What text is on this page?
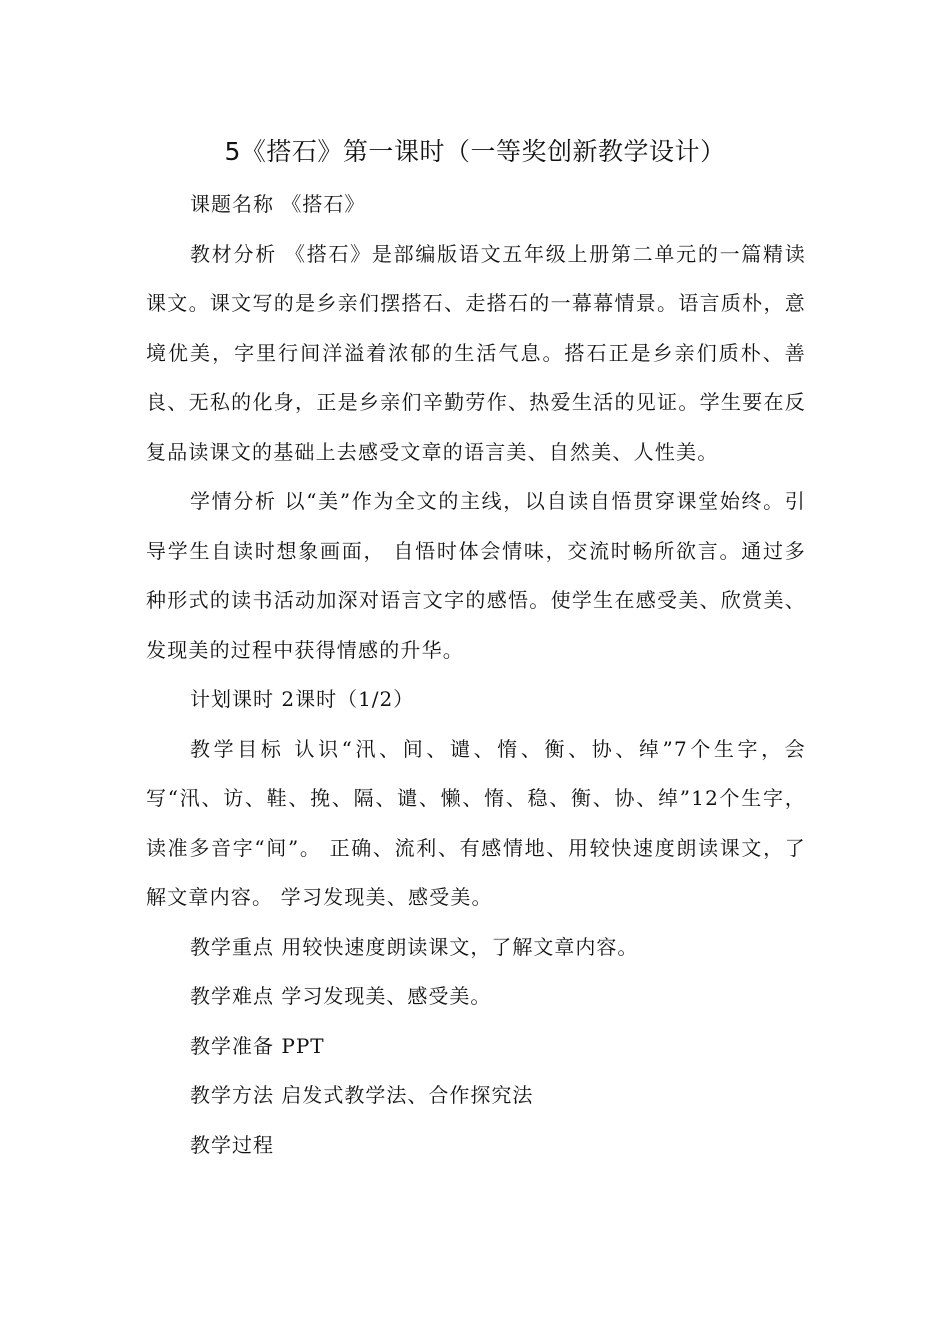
5《搭石》第一课时（一等奖创新教学设计）

课题名称 《搭石》

教材分析 《搭石》是部编版语文五年级上册第二单元的一篇精读课文。课文写的是乡亲们摆搭石、走搭石的一幕幕情景。语言质朴，意境优美，字里行间洋溢着浓郁的生活气息。搭石正是乡亲们质朴、善良、无私的化身，正是乡亲们辛勤劳作、热爱生活的见证。学生要在反复品读课文的基础上去感受文章的语言美、自然美、人性美。

学情分析 以“美”作为全文的主线，以自读自悟贯穿课堂始终。引导学生自读时想象画面， 自悟时体会情味，交流时畅所欲言。通过多种形式的读书活动加深对语言文字的感悟。使学生在感受美、欣赏美、发现美的过程中获得情感的升华。

计划课时 2课时（1/2）

教学目标 认识“汛、间、谴、惰、衡、协、绰”7个生字，会写“汛、访、鞋、挽、隔、谴、懒、惰、稳、衡、协、绰”12个生字，读准多音字“间”。 正确、流利、有感情地、用较快速度朗读课文，了解文章内容。 学习发现美、感受美。

教学重点 用较快速度朗读课文，了解文章内容。

教学难点 学习发现美、感受美。

教学准备 PPT

教学方法 启发式教学法、合作探究法

教学过程
